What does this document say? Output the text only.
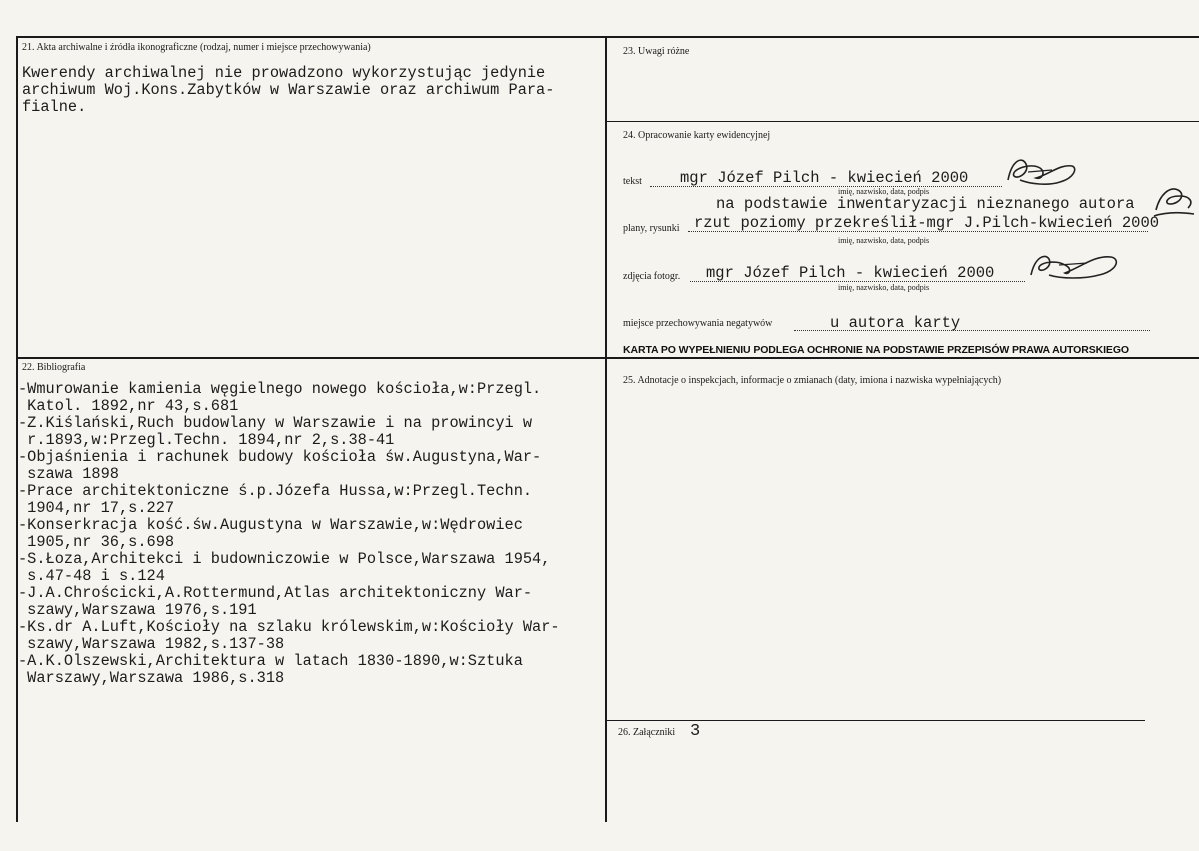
21. Akta archiwalne i źródła ikonograficzne (rodzaj, numer i miejsce przechowywania)
Kwerendy archiwalnej nie prowadzono wykorzystując jedynie
archiwum Woj.Kons.Zabytków w Warszawie oraz archiwum Para-
fialne.
23. Uwagi różne
24. Opracowanie karty ewidencyjnej
tekst mgr Józef Pilch - kwiecień 2000
imię, nazwisko, data, podpis
na podstawie inwentaryzacji nieznanego autora
plany, rysunki rzut poziomy przekreślił-mgr J.Pilch-kwiecień 2000
imię, nazwisko, data, podpis
zdjęcia fotogr. mgr Józef Pilch - kwiecień 2000
imię, nazwisko, data, podpis
miejsce przechowywania negatywów	u autora karty
KARTA PO WYPEŁNIENIU PODLEGA OCHRONIE NA PODSTAWIE PRZEPISÓW PRAWA AUTORSKIEGO
22. Bibliografia
-Wmurowanie kamienia węgielnego nowego kościoła,w:Przegl.
Katol. 1892,nr 43,s.681
-Z.Kiślański,Ruch budowlany w Warszawie i na prowincyi w
r.1893,w:Przegl.Techn. 1894,nr 2,s.38-41
-Objaśnienia i rachunek budowy kościoła św.Augustyna,War-
szawa 1898
-Prace architektoniczne ś.p.Józefa Hussa,w:Przegl.Techn.
1904,nr 17,s.227
-Konserkracja kość.św.Augustyna w Warszawie,w:Wędrowiec
1905,nr 36,s.698
-S.Łoza,Architekci i budowniczowie w Polsce,Warszawa 1954,
s.47-48 i s.124
-J.A.Chrościcki,A.Rottermund,Atlas architektoniczny War-
szawy,Warszawa 1976,s.191
-Ks.dr A.Luft,Kościoły na szlaku królewskim,w:Kościoły War-
szawy,Warszawa 1982,s.137-38
-A.K.Olszewski,Architektura w latach 1830-1890,w:Sztuka
Warszawy,Warszawa 1986,s.318
25. Adnotacje o inspekcjach, informacje o zmianach (daty, imiona i nazwiska wypełniających)
26. Załączniki 3
